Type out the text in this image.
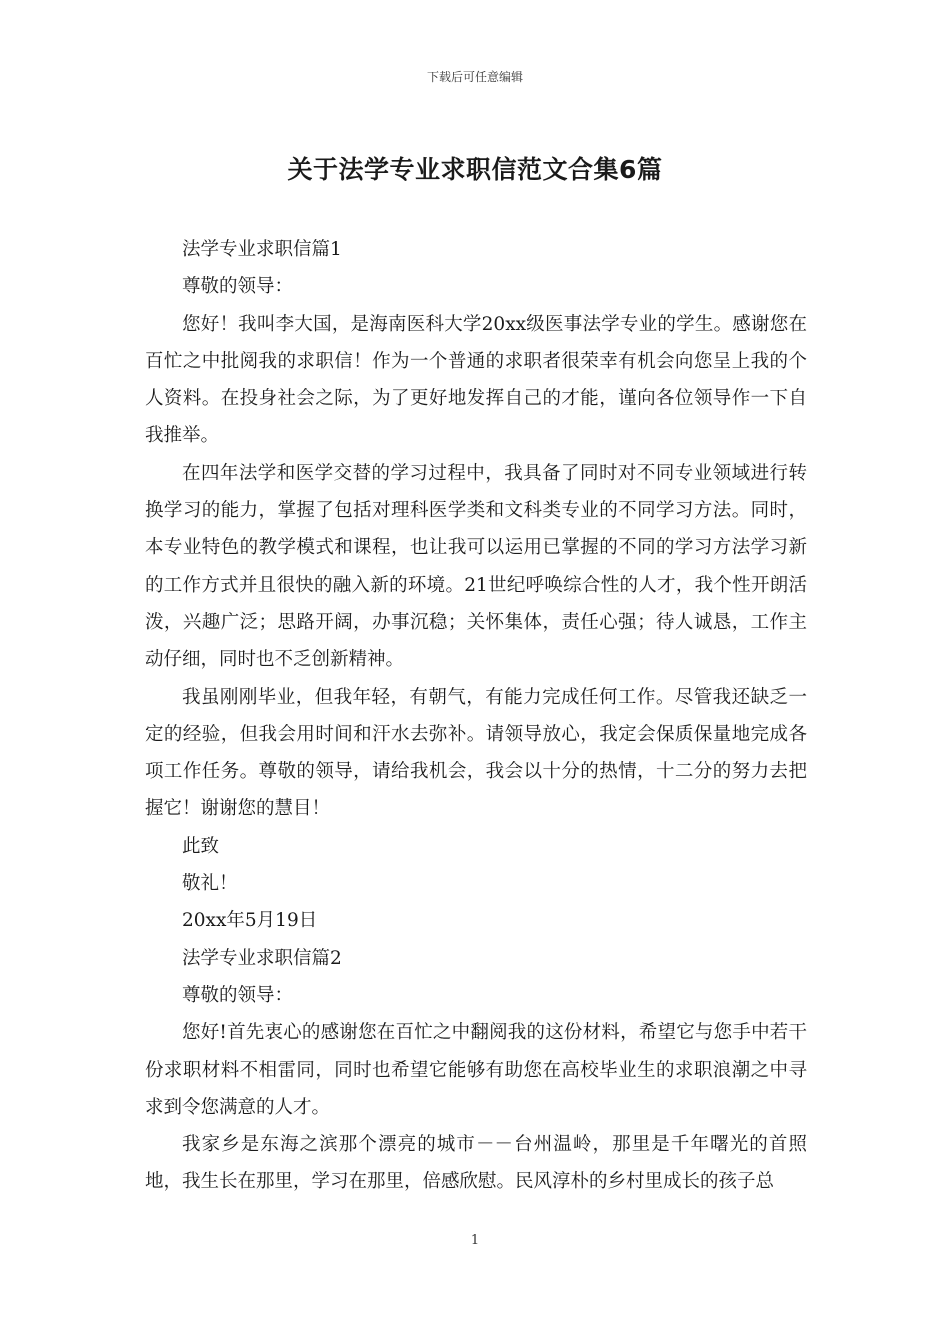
下载后可任意编辑
关于法学专业求职信范文合集6篇

法学专业求职信篇1

尊敬的领导：

您好！我叫李大国，是海南医科大学20xx级医事法学专业的学生。感谢您在百忙之中批阅我的求职信！作为一个普通的求职者很荣幸有机会向您呈上我的个人资料。在投身社会之际，为了更好地发挥自己的才能，谨向各位领导作一下自我推举。

在四年法学和医学交替的学习过程中，我具备了同时对不同专业领域进行转换学习的能力，掌握了包括对理科医学类和文科类专业的不同学习方法。同时，本专业特色的教学模式和课程，也让我可以运用已掌握的不同的学习方法学习新的工作方式并且很快的融入新的环境。21世纪呼唤综合性的人才，我个性开朗活泼，兴趣广泛；思路开阔，办事沉稳；关怀集体，责任心强；待人诚恳，工作主动仔细，同时也不乏创新精神。

我虽刚刚毕业，但我年轻，有朝气，有能力完成任何工作。尽管我还缺乏一定的经验，但我会用时间和汗水去弥补。请领导放心，我定会保质保量地完成各项工作任务。尊敬的领导，请给我机会，我会以十分的热情，十二分的努力去把握它！谢谢您的慧目！

此致

敬礼！

20xx年5月19日

法学专业求职信篇2

尊敬的领导：

您好!首先衷心的感谢您在百忙之中翻阅我的这份材料，希望它与您手中若干份求职材料不相雷同，同时也希望它能够有助您在高校毕业生的求职浪潮之中寻求到令您满意的人才。

我家乡是东海之滨那个漂亮的城市－－台州温岭，那里是千年曙光的首照地，我生长在那里，学习在那里，倍感欣慰。民风淳朴的乡村里成长的孩子总

1
